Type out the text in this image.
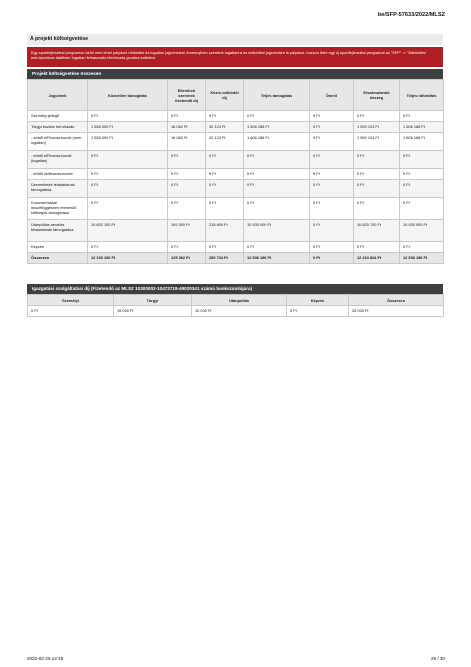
be/SFP-57633/2022/MLSZ
A projekt költségvetése
Egy sportfejlesztési programon belül nem lehet pályázni működés és ingatlan jogcímekre! Amennyiben szeretne ingatlanra és működési jogcímekre is pályázni, hozzon létre egy új sportfejlesztési programot az "SFP" -> "Áttekintés" menüpontban található Ingatlan felhasználó létrehozás gombra kattintva
Projekt költségvetése összesen
Jogcímek	Közvetlen támogatás	Ellenőrző szervnek fizetendő díj	Közre-működői díj	Teljes támogatás	Önerő	Elszámolandó összeg	Teljes ráfordítás
Személyi jellegű	0 Ft	0 Ft	0 Ft	0 Ft	0 Ft	0 Ft	0 Ft
Tárgyi eszköz beruházás	1 558 000 Ft	16 062 Ft	32 124 Ft	1 606 186 Ft	0 Ft	1 590 124 Ft	1 606 186 Ft
- ebből elFinanszírozott (nem ingatlan)	1 558 000 Ft	16 062 Ft	32 124 Ft	1 606 186 Ft	0 Ft	1 590 124 Ft	1 606 186 Ft
- ebből elFinanszírozott (ingatlan)	0 Ft	0 Ft	0 Ft	0 Ft	0 Ft	0 Ft	0 Ft
- ebből utófinanszírozott	0 Ft	0 Ft	0 Ft	0 Ft	0 Ft	0 Ft	0 Ft
Üzemeltetés feladatainak támogatása	0 Ft	0 Ft	0 Ft	0 Ft	0 Ft	0 Ft	0 Ft
Koronavírussal összefüggésben felmerülő költségek támogatása	0 Ft	0 Ft	0 Ft	0 Ft	0 Ft	0 Ft	0 Ft
Utánpótlás-nevelés feladatainak támogatása	10 602 100 Ft	109 300 Ft	218 600 Ft	10 930 000 Ft	0 Ft	10 820 700 Ft	10 930 000 Ft
Képzés	0 Ft	0 Ft	0 Ft	0 Ft	0 Ft	0 Ft	0 Ft
Összesen	12 160 100 Ft	125 362 Ft	250 724 Ft	12 536 186 Ft	0 Ft	12 410 824 Ft	12 536 186 Ft
Igazgatási szolgáltatási díj (Fizetendő az MLSZ 10300002-10473718-49020341 számú bankszámlájára)
Személyi	Tárgyi	Utánpótlás	Képzés	Összesen
0 Ft	15 000 Ft	10 000 Ft	0 Ft	25 000 Ft
2022-02-25 12:45	29 / 30
